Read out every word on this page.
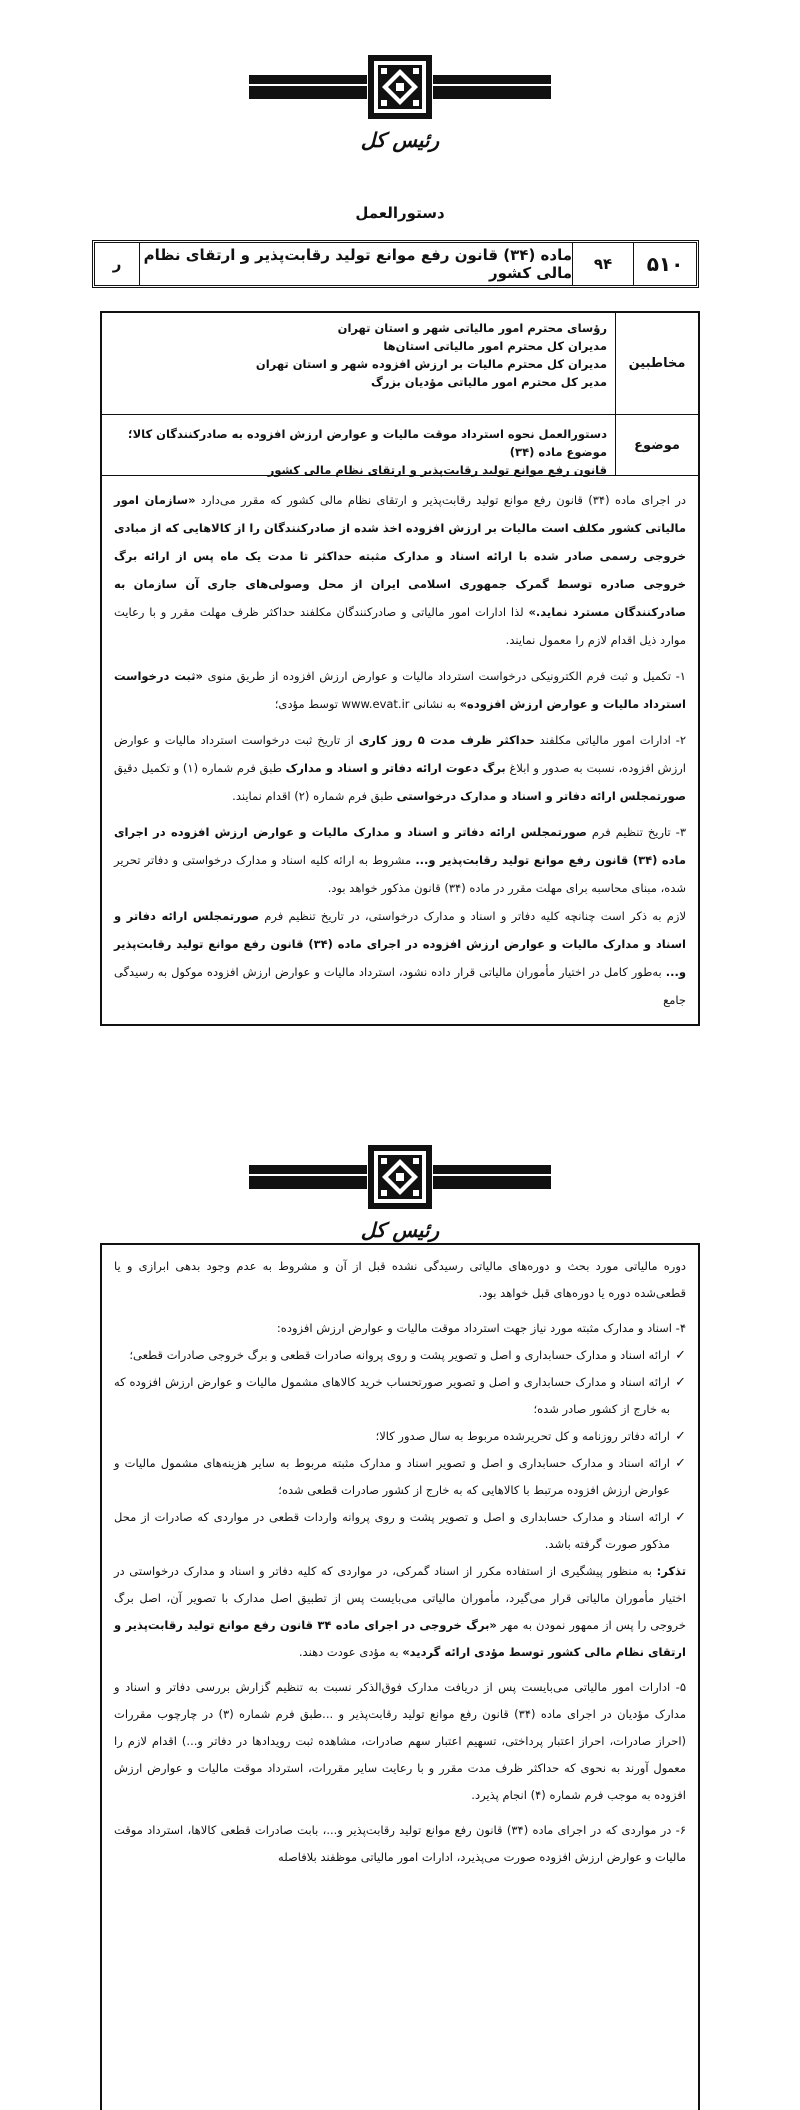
رئیس کل
دستورالعمل
۵۱۰
۹۴
ماده (۳۴) قانون رفع موانع تولید رقابت‌پذیر و ارتقای نظام مالی کشور
ر
مخاطبین

رؤسای محترم امور مالیاتی شهر و استان تهران

مدیران کل محترم امور مالیاتی استان‌ها

مدیران کل محترم مالیات بر ارزش افزوده شهر و استان تهران

مدیر کل محترم امور مالیاتی مؤدیان بزرگ

موضوع

دستورالعمل نحوه استرداد موقت مالیات و عوارض ارزش افزوده به صادرکنندگان کالا؛ موضوع ماده (۳۴)

قانون رفع موانع تولید رقابت‌پذیر و ارتقای نظام مالی کشور

در اجرای ماده (۳۴) قانون رفع موانع تولید رقابت‌پذیر و ارتقای نظام مالی کشور که مقرر می‌دارد «سازمان امور مالیاتی کشور مکلف است مالیات بر ارزش افزوده اخذ شده از صادرکنندگان را از کالاهایی که از مبادی خروجی رسمی صادر شده با ارائه اسناد و مدارک مثبته حداکثر تا مدت یک ماه پس از ارائه برگ خروجی صادره توسط گمرک جمهوری اسلامی ایران از محل وصولی‌های جاری آن سازمان به صادرکنندگان مسترد نماید.» لذا ادارات امور مالیاتی و صادرکنندگان مکلفند حداکثر ظرف مهلت مقرر و با رعایت موارد ذیل اقدام لازم را معمول نمایند.

۱- تکمیل و ثبت فرم الکترونیکی درخواست استرداد مالیات و عوارض ارزش افزوده از طریق منوی «ثبت درخواست استرداد مالیات و عوارض ارزش افزوده» به نشانی www.evat.ir توسط مؤدی؛

۲- ادارات امور مالیاتی مکلفند حداکثر ظرف مدت ۵ روز کاری از تاریخ ثبت درخواست استرداد مالیات و عوارض ارزش افزوده، نسبت به صدور و ابلاغ برگ دعوت ارائه دفاتر و اسناد و مدارک طبق فرم شماره (۱) و تکمیل دقیق صورتمجلس ارائه دفاتر و اسناد و مدارک درخواستی طبق فرم شماره (۲) اقدام نمایند.

۳- تاریخ تنظیم فرم صورتمجلس ارائه دفاتر و اسناد و مدارک مالیات و عوارض ارزش افزوده در اجرای ماده (۳۴) قانون رفع موانع تولید رقابت‌پذیر و... مشروط به ارائه کلیه اسناد و مدارک درخواستی و دفاتر تحریر شده، مبنای محاسبه برای مهلت مقرر در ماده (۳۴) قانون مذکور خواهد بود.

لازم به ذکر است چنانچه کلیه دفاتر و اسناد و مدارک درخواستی، در تاریخ تنظیم فرم صورتمجلس ارائه دفاتر و اسناد و مدارک مالیات و عوارض ارزش افزوده در اجرای ماده (۳۴) قانون رفع موانع تولید رقابت‌پذیر و... به‌طور کامل در اختیار مأموران مالیاتی قرار داده نشود، استرداد مالیات و عوارض ارزش افزوده موکول به رسیدگی جامع

رئیس کل

دوره مالیاتی مورد بحث و دوره‌های مالیاتی رسیدگی نشده قبل از آن و مشروط به عدم وجود بدهی ابرازی و یا قطعی‌شده دوره یا دوره‌های قبل خواهد بود.

۴- اسناد و مدارک مثبته مورد نیاز جهت استرداد موقت مالیات و عوارض ارزش افزوده:

✓ ارائه اسناد و مدارک حسابداری و اصل و تصویر پشت و روی پروانه صادرات قطعی و برگ خروجی صادرات قطعی؛

✓ ارائه اسناد و مدارک حسابداری و اصل و تصویر صورتحساب خرید کالاهای مشمول مالیات و عوارض ارزش افزوده که به خارج از کشور صادر شده؛

✓ ارائه دفاتر روزنامه و کل تحریرشده مربوط به سال صدور کالا؛

✓ ارائه اسناد و مدارک حسابداری و اصل و تصویر اسناد و مدارک مثبته مربوط به سایر هزینه‌های مشمول مالیات و عوارض ارزش افزوده مرتبط با کالاهایی که به خارج از کشور صادرات قطعی شده؛

✓ ارائه اسناد و مدارک حسابداری و اصل و تصویر پشت و روی پروانه واردات قطعی در مواردی که صادرات از محل مذکور صورت گرفته باشد.

تذکر: به منظور پیشگیری از استفاده مکرر از اسناد گمرکی، در مواردی که کلیه دفاتر و اسناد و مدارک درخواستی در اختیار مأموران مالیاتی قرار می‌گیرد، مأموران مالیاتی می‌بایست پس از تطبیق اصل مدارک با تصویر آن، اصل برگ خروجی را پس از ممهور نمودن به مهر «برگ خروجی در اجرای ماده ۳۴ قانون رفع موانع تولید رقابت‌پذیر و ارتقای نظام مالی کشور توسط مؤدی ارائه گردید» به مؤدی عودت دهند.

۵- ادارات امور مالیاتی می‌بایست پس از دریافت مدارک فوق‌الذکر نسبت به تنظیم گزارش بررسی دفاتر و اسناد و مدارک مؤدیان در اجرای ماده (۳۴) قانون رفع موانع تولید رقابت‌پذیر و ...طبق فرم شماره (۳) در چارچوب مقررات (احراز صادرات، احراز اعتبار پرداختی، تسهیم اعتبار سهم صادرات، مشاهده ثبت رویدادها در دفاتر و...) اقدام لازم را معمول آورند به نحوی که حداکثر ظرف مدت مقرر و با رعایت سایر مقررات، استرداد موقت مالیات و عوارض ارزش افزوده به موجب فرم شماره (۴) انجام پذیرد.

۶- در مواردی که در اجرای ماده (۳۴) قانون رفع موانع تولید رقابت‌پذیر و...، بابت صادرات قطعی کالاها، استرداد موقت مالیات و عوارض ارزش افزوده صورت می‌پذیرد، ادارات امور مالیاتی موظفند بلافاصله
